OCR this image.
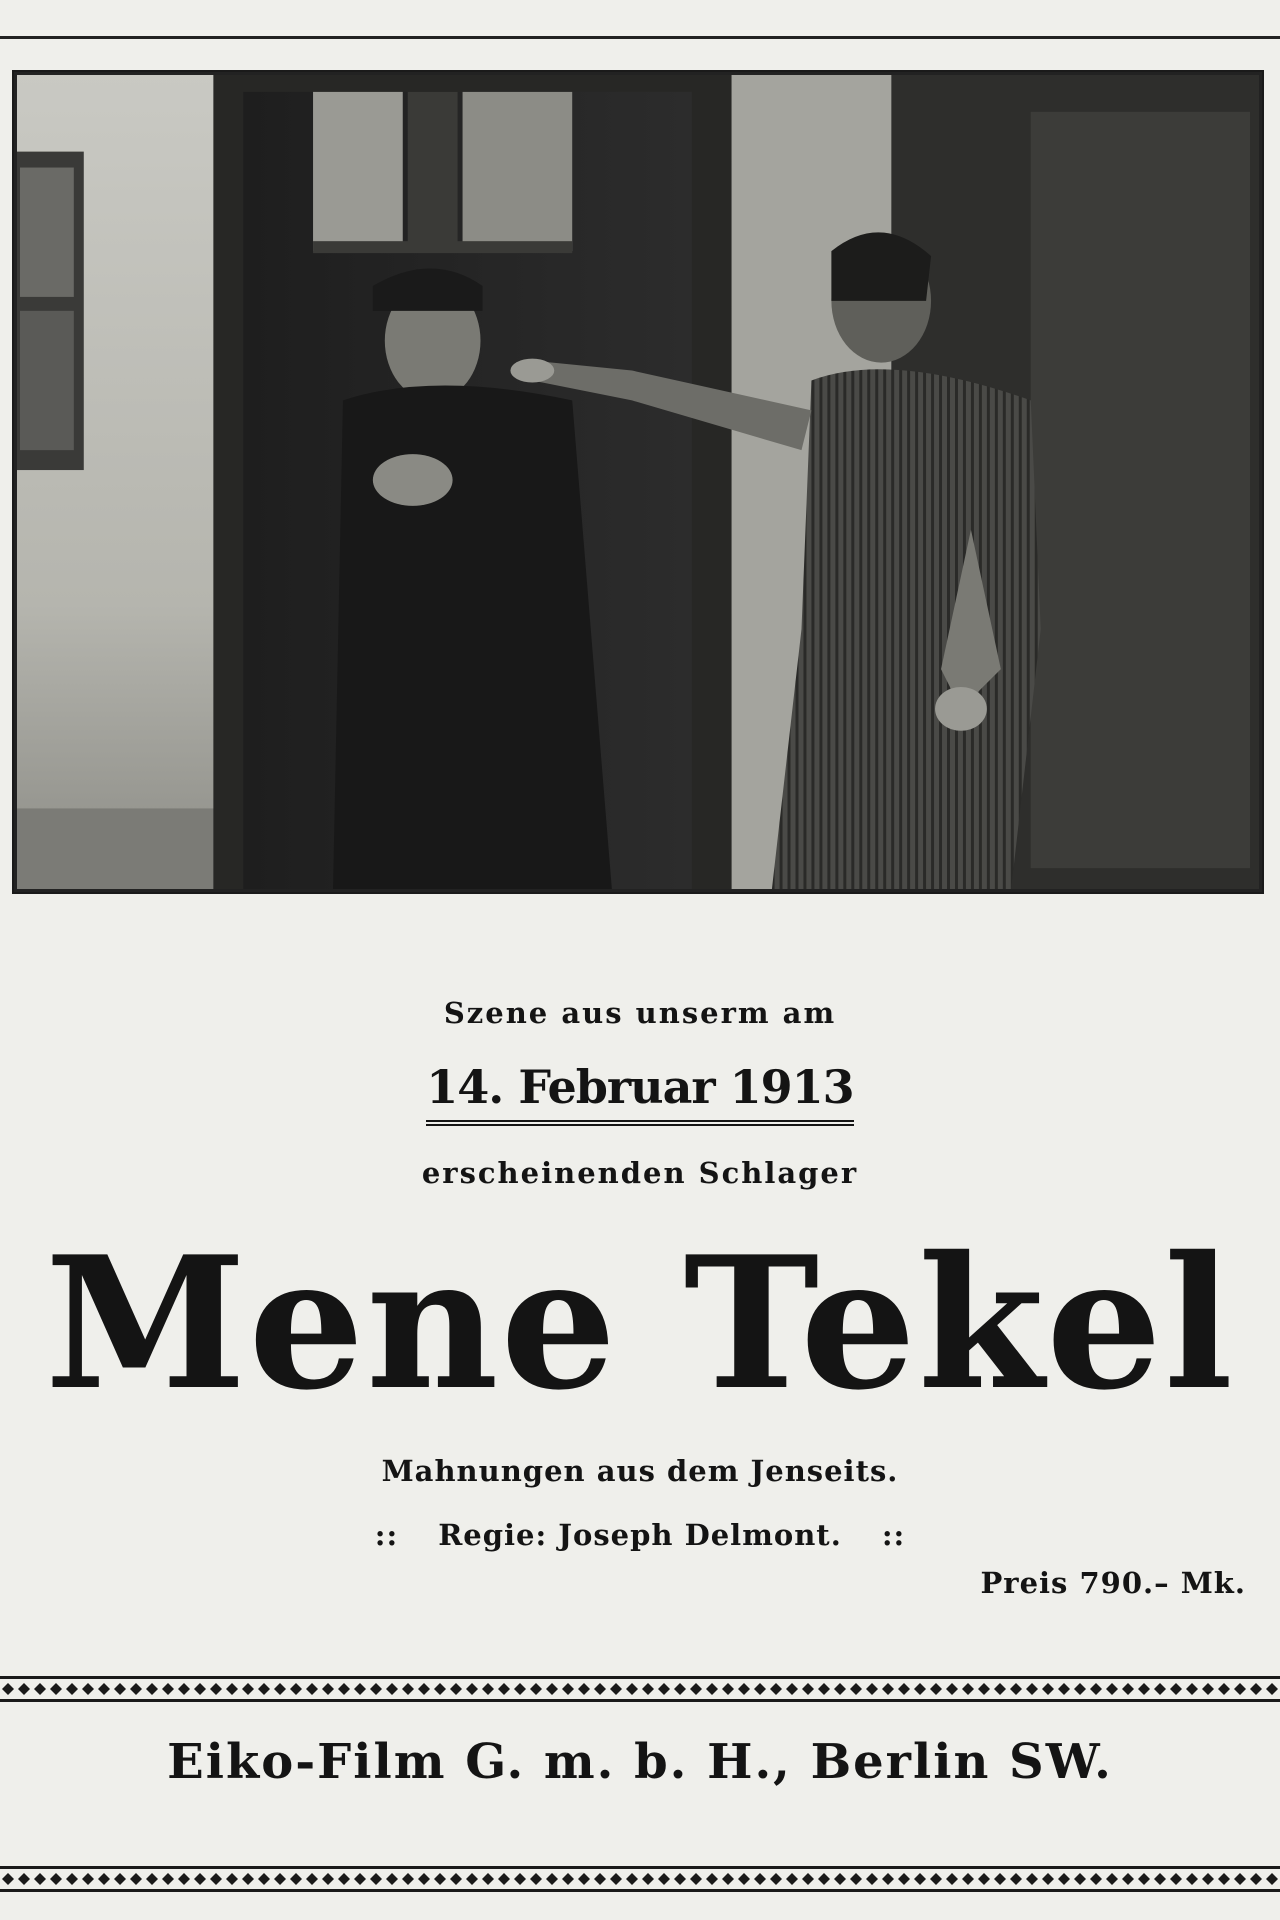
Szene aus unserm am
14. Februar 1913
erscheinenden Schlager
Mene Tekel
Mahnungen aus dem Jenseits.
:: Regie: Joseph Delmont. ::
Preis 790.– Mk.
Eiko-Film G. m. b. H., Berlin SW.
